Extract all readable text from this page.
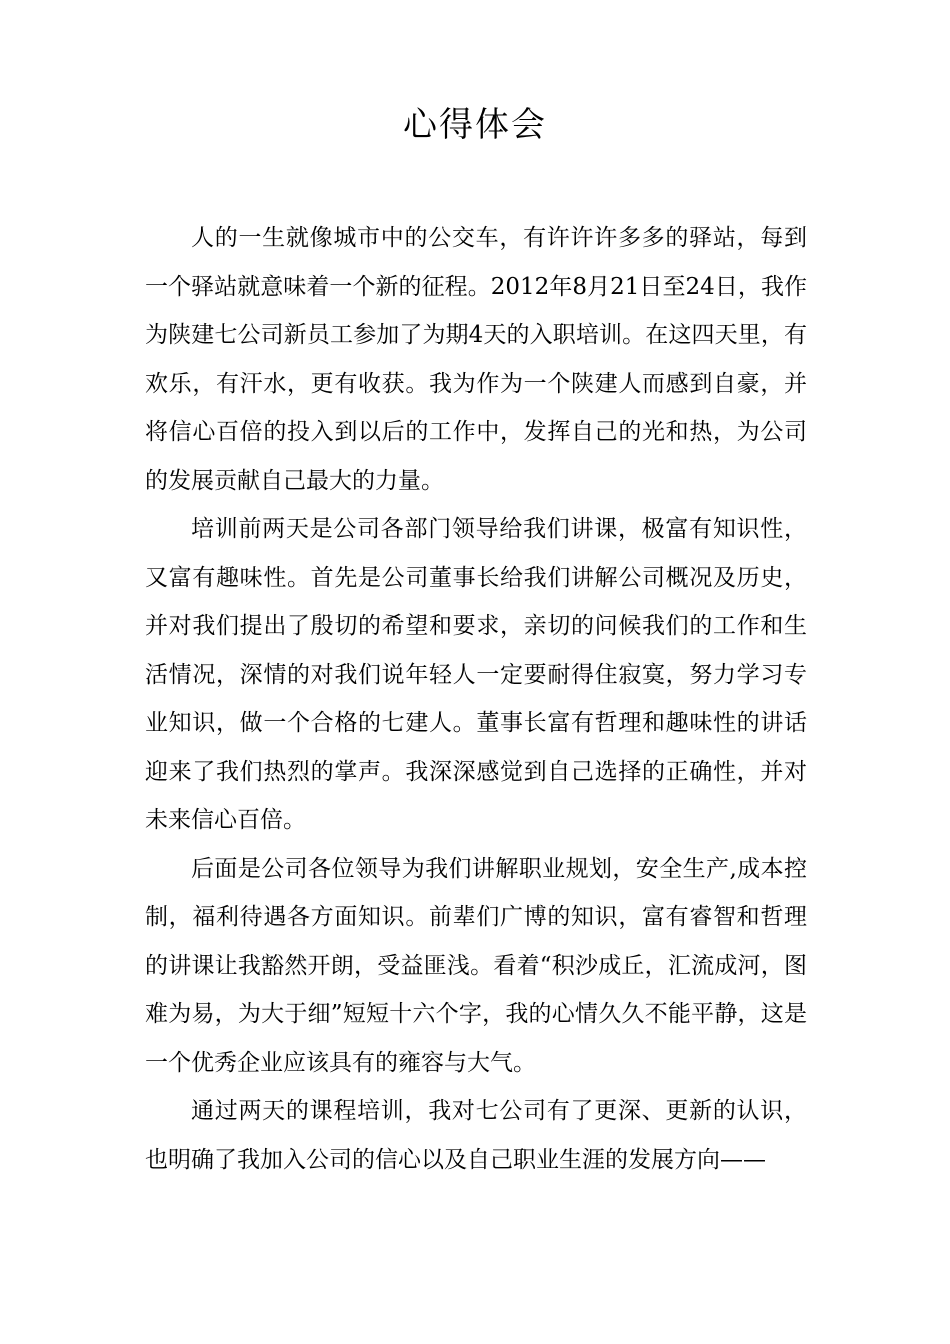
心得体会

人的一生就像城市中的公交车，有许许许多多的驿站，每到一个驿站就意味着一个新的征程。2012年8月21日至24日，我作为陕建七公司新员工参加了为期4天的入职培训。在这四天里，有欢乐，有汗水，更有收获。我为作为一个陕建人而感到自豪，并将信心百倍的投入到以后的工作中，发挥自己的光和热，为公司的发展贡献自己最大的力量。

培训前两天是公司各部门领导给我们讲课，极富有知识性，又富有趣味性。首先是公司董事长给我们讲解公司概况及历史，并对我们提出了殷切的希望和要求，亲切的问候我们的工作和生活情况，深情的对我们说年轻人一定要耐得住寂寞，努力学习专业知识，做一个合格的七建人。董事长富有哲理和趣味性的讲话迎来了我们热烈的掌声。我深深感觉到自己选择的正确性，并对未来信心百倍。

后面是公司各位领导为我们讲解职业规划，安全生产,成本控制，福利待遇各方面知识。前辈们广博的知识，富有睿智和哲理的讲课让我豁然开朗，受益匪浅。看着“积沙成丘，汇流成河，图难为易，为大于细”短短十六个字，我的心情久久不能平静，这是一个优秀企业应该具有的雍容与大气。

通过两天的课程培训，我对七公司有了更深、更新的认识，也明确了我加入公司的信心以及自己职业生涯的发展方向——
